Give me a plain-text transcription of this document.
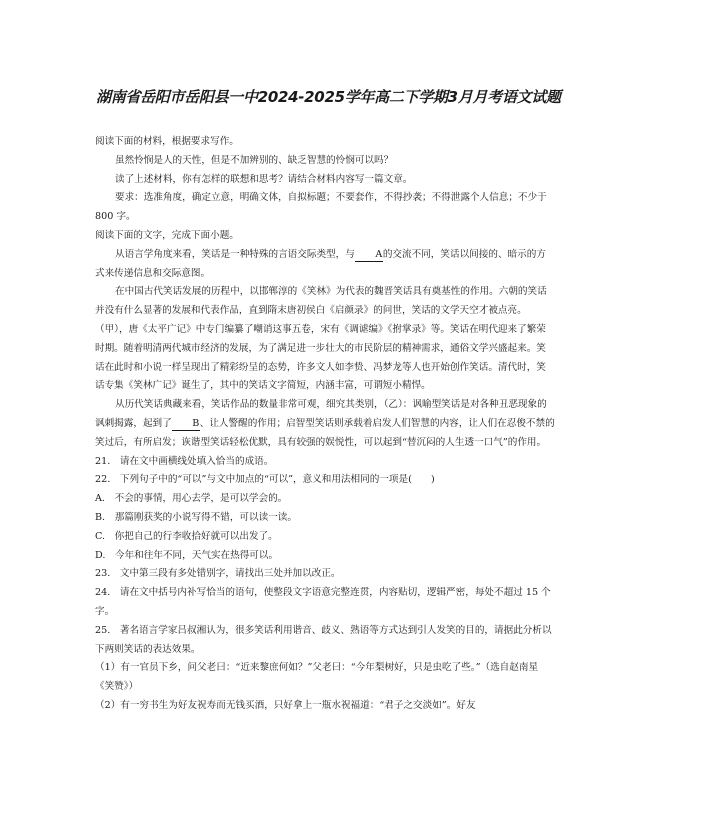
湖南省岳阳市岳阳县一中2024-2025学年高二下学期3月月考语文试题

阅读下面的材料，根据要求写作。

虽然怜悯是人的天性，但是不加辨别的、缺乏智慧的怜悯可以吗？

读了上述材料，你有怎样的联想和思考？请结合材料内容写一篇文章。

要求：选准角度，确定立意，明确文体，自拟标题；不要套作，不得抄袭；不得泄露个人信息；不少于 800 字。

阅读下面的文字，完成下面小题。

从语言学角度来看，笑话是一种特殊的言语交际类型，与 A的交流不同，笑话以间接的、暗示的方式来传递信息和交际意图。

在中国古代笑话发展的历程中，以邯郸淳的《笑林》为代表的魏晋笑话具有奠基性的作用。六朝的笑话并没有什么显著的发展和代表作品，直到隋末唐初侯白《启颜录》的问世，笑话的文学天空才被点亮。（甲），唐《太平广记》中专门编纂了嘲诮这事五卷，宋有《调谑编》《拊掌录》等。笑话在明代迎来了繁荣时期。随着明清两代城市经济的发展，为了满足进一步壮大的市民阶层的精神需求，通俗文学兴盛起来。笑话在此时和小说一样呈现出了精彩纷呈的态势，许多文人如李贽、冯梦龙等人也开始创作笑话。清代时，笑话专集《笑林广记》诞生了，其中的笑话文字简短，内涵丰富，可谓短小精悍。

从历代笑话典藏来看，笑话作品的数量非常可观，细究其类别，（乙）：讽喻型笑话是对各种丑恶现象的讽刺揭露，起到了 B、让人警醒的作用；启智型笑话则承载着启发人们智慧的内容，让人们在忍俊不禁的笑过后，有所启发；诙谐型笑话轻松优默，具有较强的娱悦性，可以起到“替沉闷的人生透一口气”的作用。

21.　请在文中画横线处填入恰当的成语。

22.　下列句子中的“可以”与文中加点的“可以”，意义和用法相同的一项是(　　)

A.　不会的事情，用心去学，是可以学会的。

B.　那篇刚获奖的小说写得不错，可以读一读。

C.　你把自己的行李收拾好就可以出发了。

D.　今年和往年不同，天气实在热得可以。

23.　文中第三段有多处错别字，请找出三处并加以改正。

24.　请在文中括号内补写恰当的语句，使整段文字语意完整连贯，内容贴切，逻辑严密，每处不超过 15 个字。

25.　著名语言学家吕叔湘认为，很多笑话利用谐音、歧义、熟语等方式达到引人发笑的目的，请据此分析以下两则笑话的表达效果。

（1）有一官员下乡，问父老曰：“近来黎庶何如？”父老曰：“今年梨树好，只是虫吃了些。”（选自赵南星《笑赞》）

（2）有一穷书生为好友祝寿而无钱买酒，只好拿上一瓶水祝福道：“君子之交淡如”。好友
